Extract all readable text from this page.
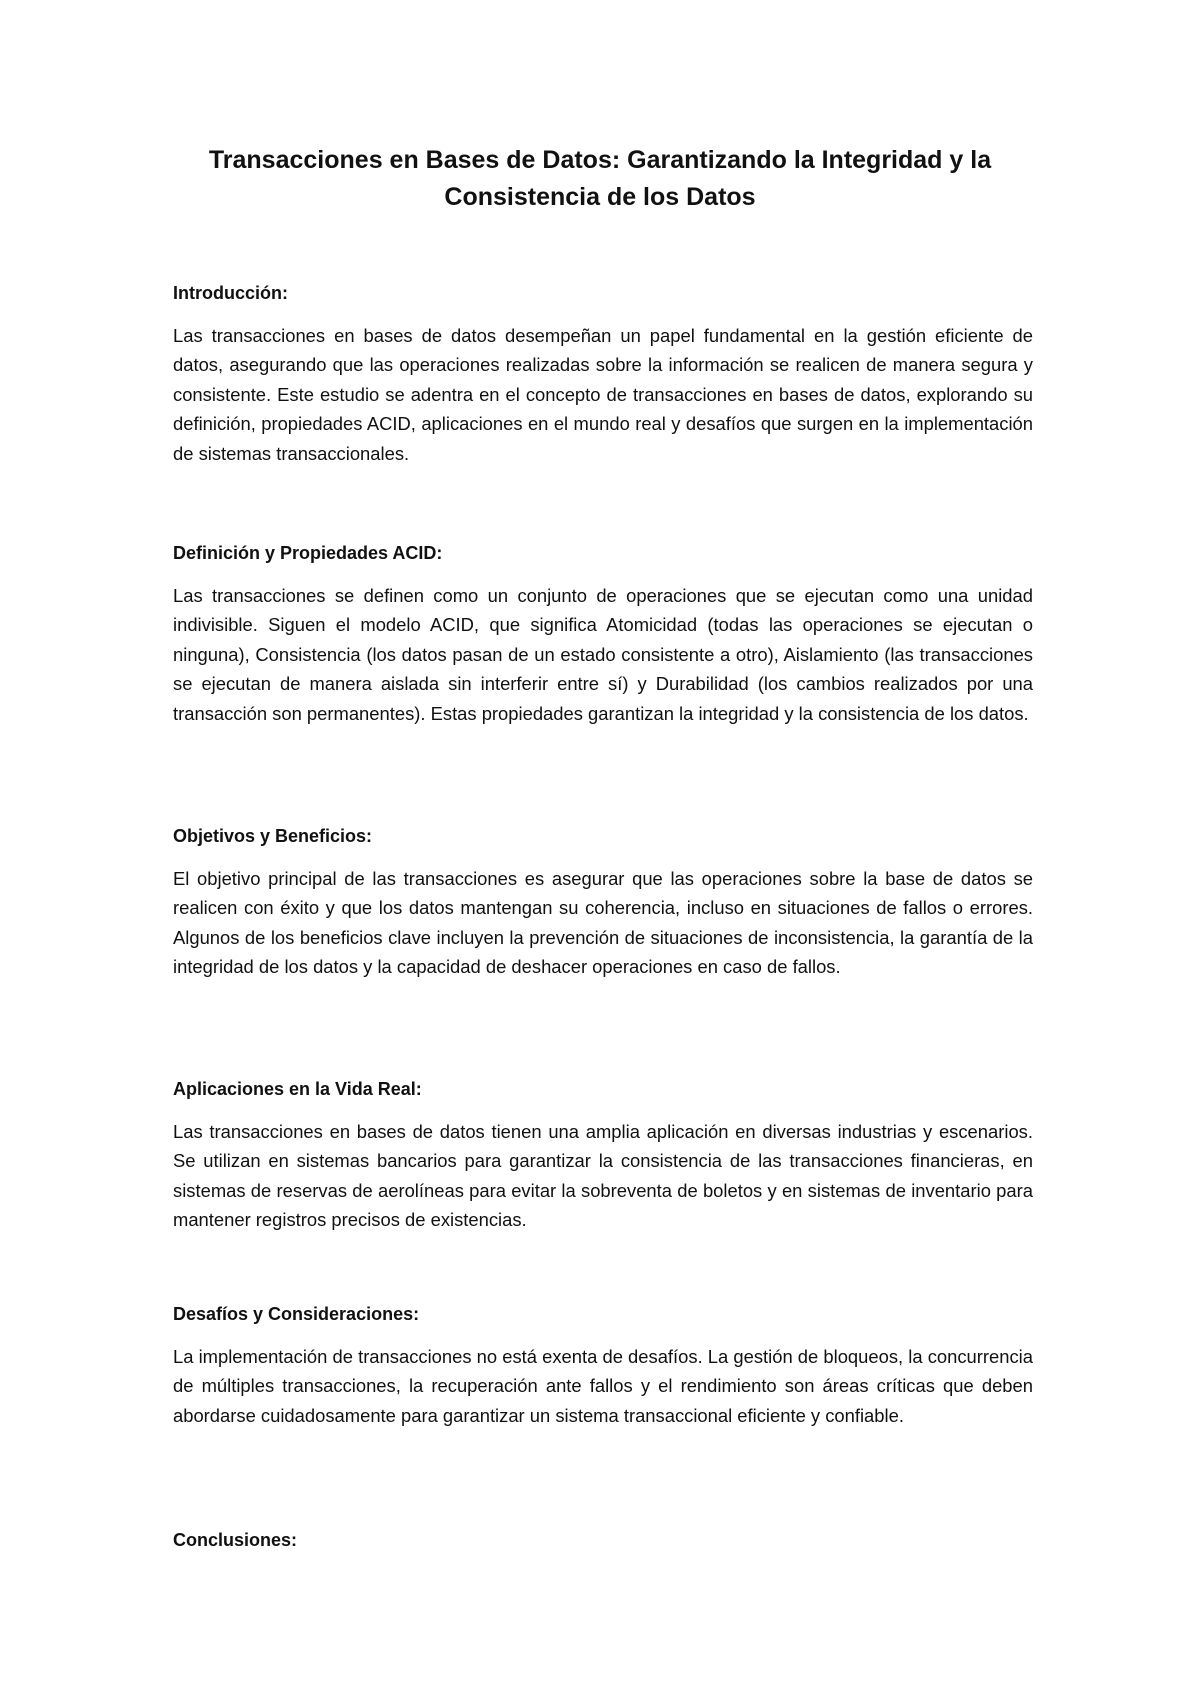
Transacciones en Bases de Datos: Garantizando la Integridad y la Consistencia de los Datos
Introducción:

Las transacciones en bases de datos desempeñan un papel fundamental en la gestión eficiente de datos, asegurando que las operaciones realizadas sobre la información se realicen de manera segura y consistente. Este estudio se adentra en el concepto de transacciones en bases de datos, explorando su definición, propiedades ACID, aplicaciones en el mundo real y desafíos que surgen en la implementación de sistemas transaccionales.

Definición y Propiedades ACID:

Las transacciones se definen como un conjunto de operaciones que se ejecutan como una unidad indivisible. Siguen el modelo ACID, que significa Atomicidad (todas las operaciones se ejecutan o ninguna), Consistencia (los datos pasan de un estado consistente a otro), Aislamiento (las transacciones se ejecutan de manera aislada sin interferir entre sí) y Durabilidad (los cambios realizados por una transacción son permanentes). Estas propiedades garantizan la integridad y la consistencia de los datos.

Objetivos y Beneficios:

El objetivo principal de las transacciones es asegurar que las operaciones sobre la base de datos se realicen con éxito y que los datos mantengan su coherencia, incluso en situaciones de fallos o errores. Algunos de los beneficios clave incluyen la prevención de situaciones de inconsistencia, la garantía de la integridad de los datos y la capacidad de deshacer operaciones en caso de fallos.

Aplicaciones en la Vida Real:

Las transacciones en bases de datos tienen una amplia aplicación en diversas industrias y escenarios. Se utilizan en sistemas bancarios para garantizar la consistencia de las transacciones financieras, en sistemas de reservas de aerolíneas para evitar la sobreventa de boletos y en sistemas de inventario para mantener registros precisos de existencias.

Desafíos y Consideraciones:

La implementación de transacciones no está exenta de desafíos. La gestión de bloqueos, la concurrencia de múltiples transacciones, la recuperación ante fallos y el rendimiento son áreas críticas que deben abordarse cuidadosamente para garantizar un sistema transaccional eficiente y confiable.

Conclusiones:
